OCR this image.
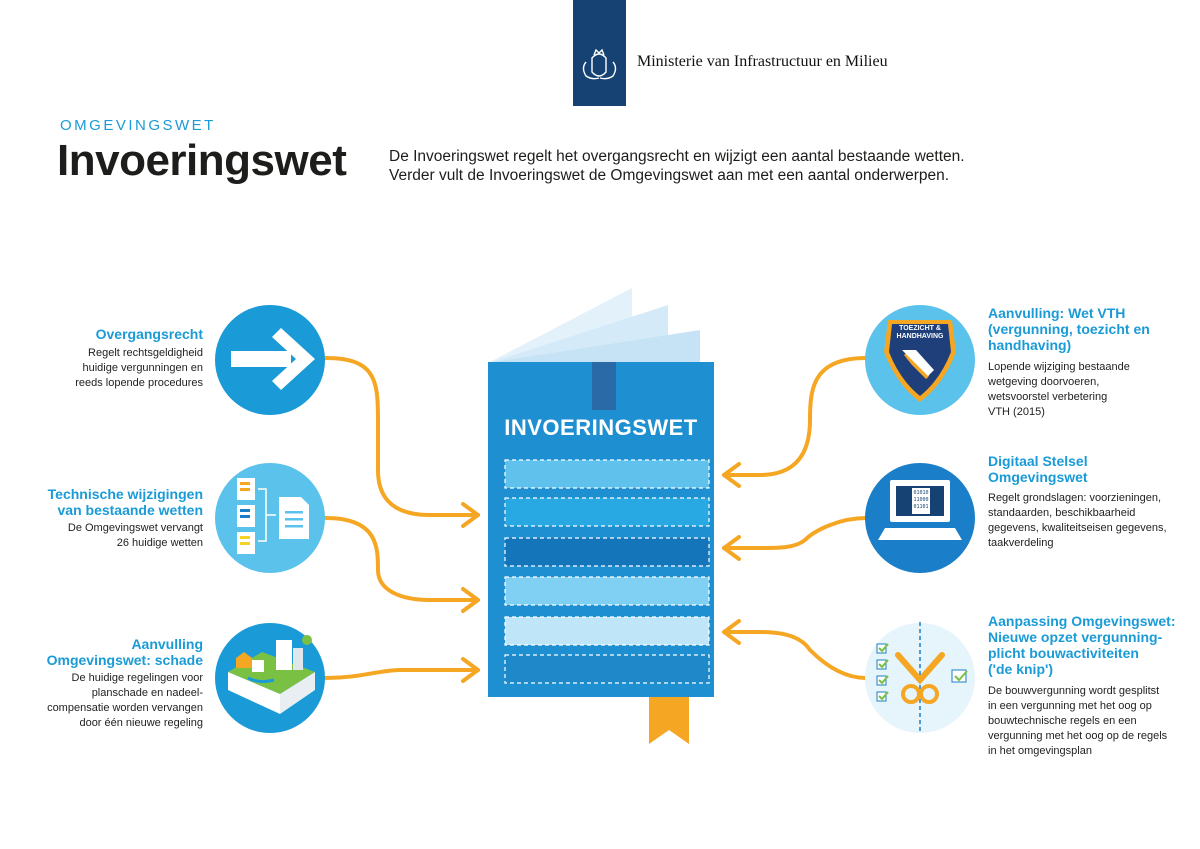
Ministerie van Infrastructuur en Milieu
OMGEVINGSWET
Invoeringswet	De Invoeringswet regelt het overgangsrecht en wijzigt een aantal bestaande wetten.
Verder vult de Invoeringswet de Omgevingswet aan met een aantal onderwerpen.
INVOERINGSWET
TOEZICHT &
HANDHAVING
01010
11000
01101
Overgangsrecht
Regelt rechtsgeldigheid
huidige vergunningen en
reeds lopende procedures
Technische wijzigingen
van bestaande wetten
De Omgevingswet vervangt
26 huidige wetten
Aanvulling
Omgevingswet: schade
De huidige regelingen voor
planschade en nadeel-
compensatie worden vervangen
door één nieuwe regeling
Aanvulling: Wet VTH
(vergunning, toezicht en
handhaving)
Lopende wijziging bestaande
wetgeving doorvoeren,
wetsvoorstel verbetering
VTH (2015)
Digitaal Stelsel
Omgevingswet
Regelt grondslagen: voorzieningen,
standaarden, beschikbaarheid
gegevens, kwaliteitseisen gegevens,
taakverdeling
Aanpassing Omgevingswet:
Nieuwe opzet vergunning-
plicht bouwactiviteiten
('de knip')
De bouwvergunning wordt gesplitst
in een vergunning met het oog op
bouwtechnische regels en een
vergunning met het oog op de regels
in het omgevingsplan
